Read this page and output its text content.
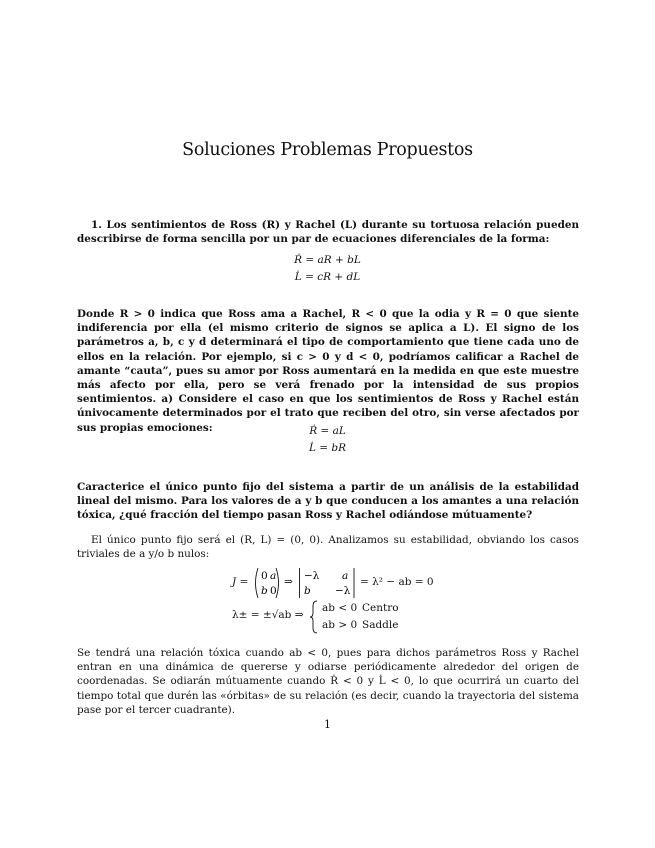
Soluciones Problemas Propuestos
1. Los sentimientos de Ross (R) y Rachel (L) durante su tortuosa relación pueden describirse de forma sencilla por un par de ecuaciones diferenciales de la forma:
Ṙ = aR + bL
L̇ = cR + dL
Donde R > 0 indica que Ross ama a Rachel, R < 0 que la odia y R = 0 que siente indiferencia por ella (el mismo criterio de signos se aplica a L). El signo de los parámetros a, b, c y d determinará el tipo de comportamiento que tiene cada uno de ellos en la relación. Por ejemplo, si c > 0 y d < 0, podríamos calificar a Rachel de amante “cauta”, pues su amor por Ross aumentará en la medida en que este muestre más afecto por ella, pero se verá frenado por la intensidad de sus propios sentimientos. a) Considere el caso en que los sentimientos de Ross y Rachel están únivocamente determinados por el trato que reciben del otro, sin verse afectados por sus propias emociones:	Ṙ = aL
L̇ = bR
Caracterice el único punto fijo del sistema a partir de un análisis de la estabilidad lineal del mismo. Para los valores de a y b que conducen a los amantes a una relación tóxica, ¿qué fracción del tiempo pasan Ross y Rachel odiándose mútuamente?
El único punto fijo será el (R, L) = (0, 0). Analizamos su estabilidad, obviando los casos triviales de a y/o b nulos:
J = 0 a
b 0
⇒ −λ a
b −λ
= λ² − ab = 0
λ± = ±√ab ⇒
ab < 0 Centro
ab > 0 Saddle
Se tendrá una relación tóxica cuando ab < 0, pues para dichos parámetros Ross y Rachel entran en una dinámica de quererse y odiarse periódicamente alrededor del origen de coordenadas. Se odiarán mútuamente cuando Ṙ < 0 y L̇ < 0, lo que ocurrirá un cuarto del tiempo total que durén las «órbitas» de su relación (es decir, cuando la trayectoria del sistema pase por el tercer cuadrante).
1
